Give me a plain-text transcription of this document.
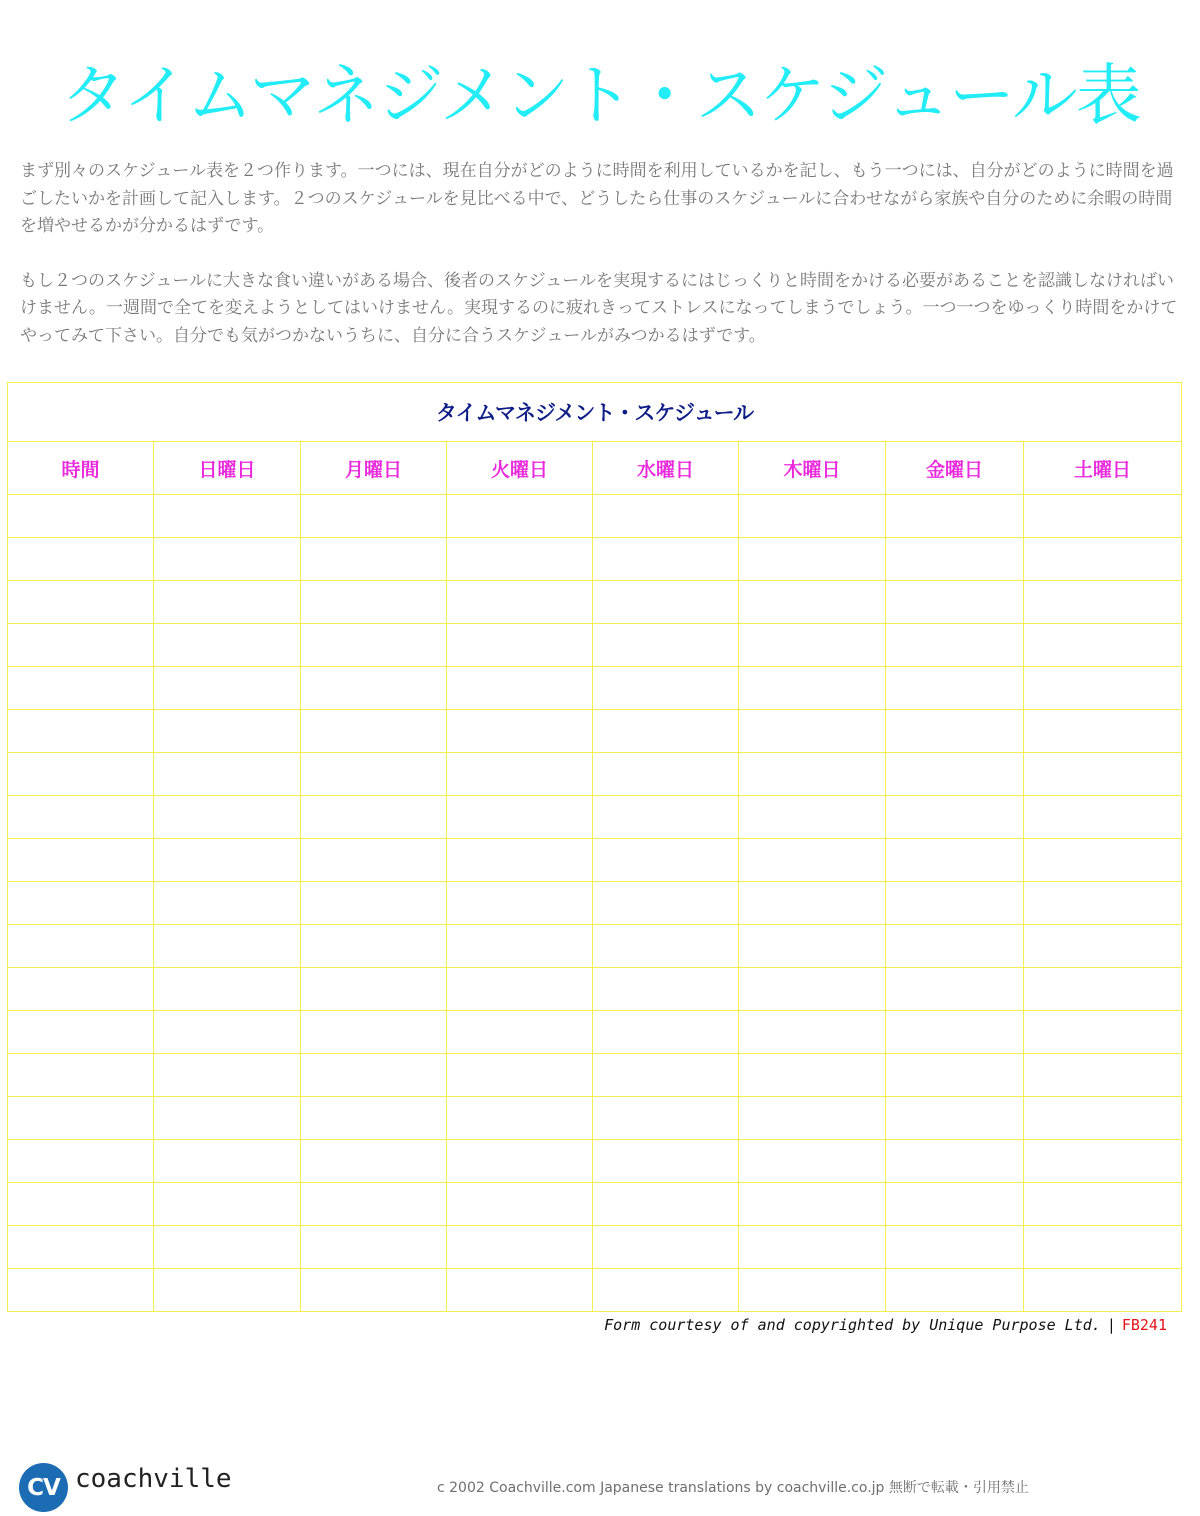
タイムマネジメント・スケジュール表

まず別々のスケジュール表を２つ作ります。一つには、現在自分がどのように時間を利用しているかを記し、もう一つには、自分がどのように時間を過ごしたいかを計画して記入します。２つのスケジュールを見比べる中で、どうしたら仕事のスケジュールに合わせながら家族や自分のために余暇の時間を増やせるかが分かるはずです。

もし２つのスケジュールに大きな食い違いがある場合、後者のスケジュールを実現するにはじっくりと時間をかける必要があることを認識しなければいけません。一週間で全てを変えようとしてはいけません。実現するのに疲れきってストレスになってしまうでしょう。一つ一つをゆっくり時間をかけてやってみて下さい。自分でも気がつかないうちに、自分に合うスケジュールがみつかるはずです。

タイムマネジメント・スケジュール							
時間	日曜日	月曜日	火曜日	水曜日	木曜日	金曜日	土曜日

Form courtesy of and copyrighted by Unique Purpose Ltd. | FB241
CV coachville	c 2002 Coachville.com Japanese translations by coachville.co.jp 無断で転載・引用禁止
